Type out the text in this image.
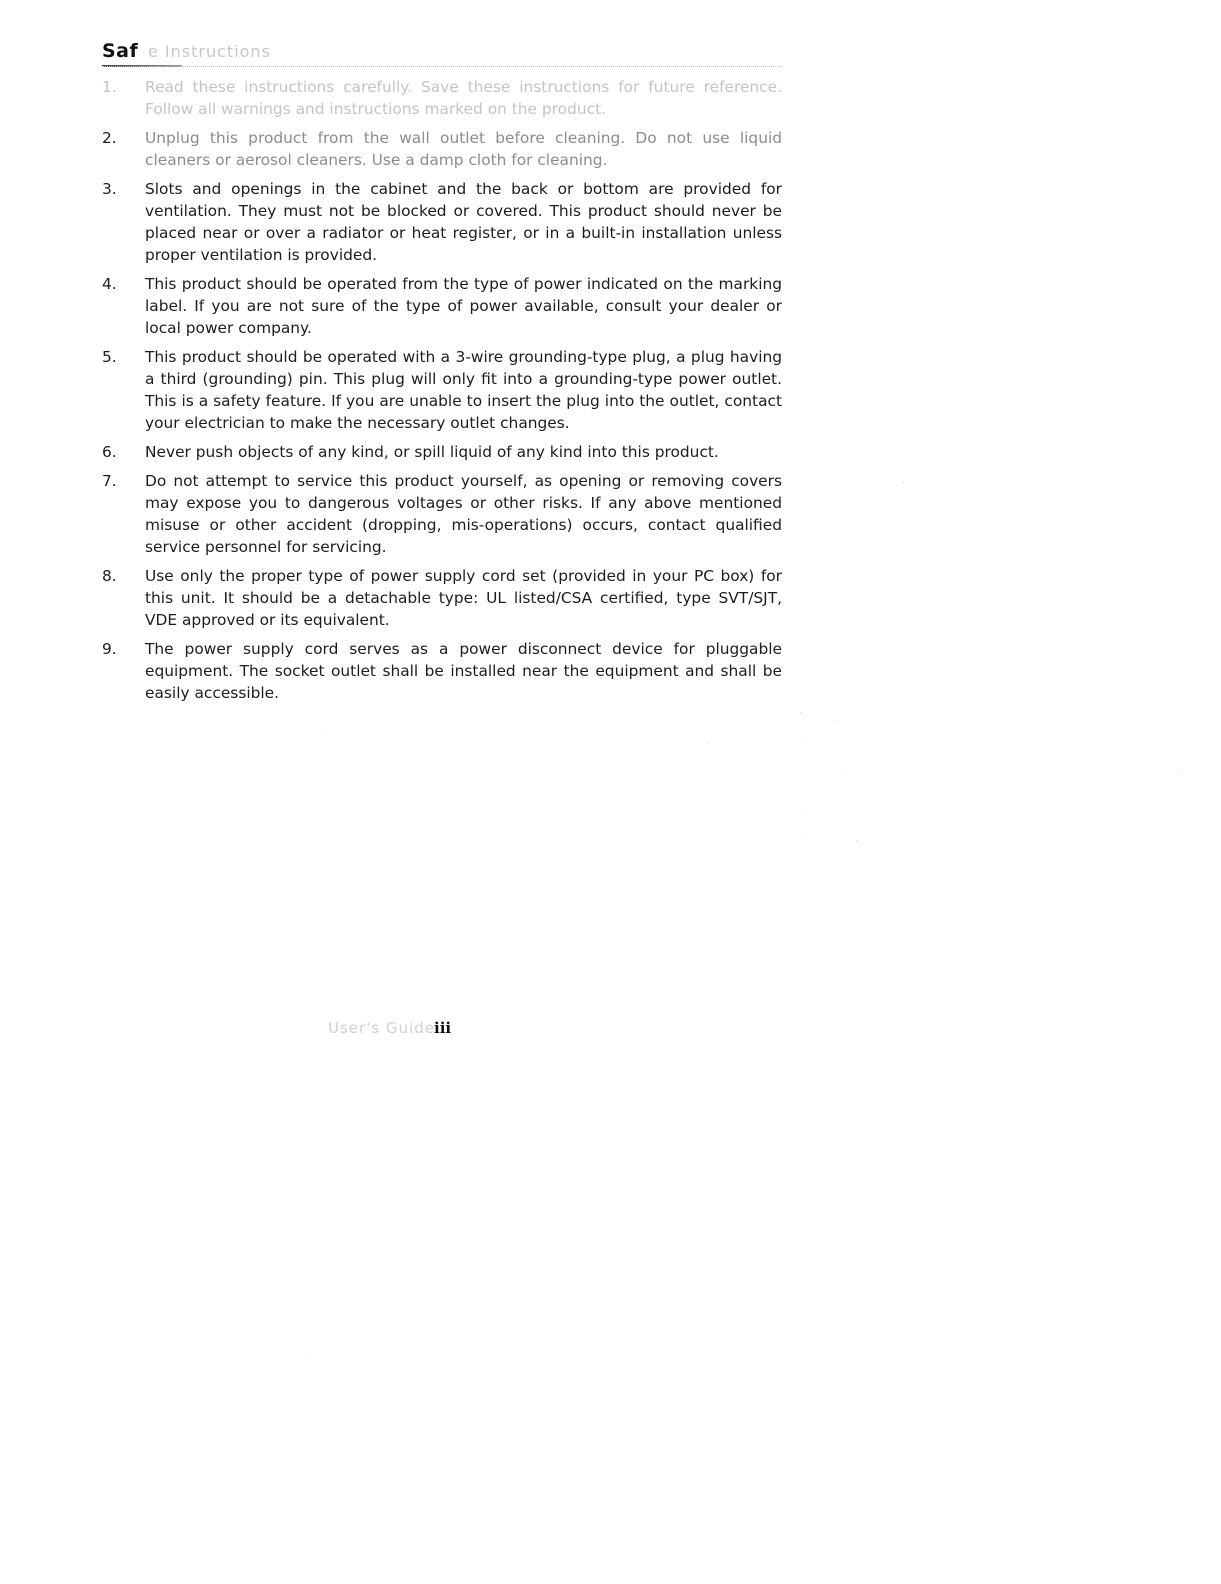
Saf e Instructions
1.	Read these instructions carefully. Save these instructions for future reference. Follow all warnings and instructions marked on the product.
2.	Unplug this product from the wall outlet before cleaning. Do not use liquid cleaners or aerosol cleaners. Use a damp cloth for cleaning.
3.	Slots and openings in the cabinet and the back or bottom are provided for ventilation. They must not be blocked or covered. This product should never be placed near or over a radiator or heat register, or in a built-in installation unless proper ventilation is provided.
4.	This product should be operated from the type of power indicated on the marking label. If you are not sure of the type of power available, consult your dealer or local power company.
5.	This product should be operated with a 3-wire grounding-type plug, a plug having a third (grounding) pin. This plug will only fit into a grounding-type power outlet. This is a safety feature. If you are unable to insert the plug into the outlet, contact your electrician to make the necessary outlet changes.
6.	Never push objects of any kind, or spill liquid of any kind into this product.
7.	Do not attempt to service this product yourself, as opening or removing covers may expose you to dangerous voltages or other risks. If any above mentioned misuse or other accident (dropping, mis-operations) occurs, contact qualified service personnel for servicing.
8.	Use only the proper type of power supply cord set (provided in your PC box) for this unit. It should be a detachable type: UL listed/CSA certified, type SVT/SJT, VDE approved or its equivalent.
9.	The power supply cord serves as a power disconnect device for pluggable equipment. The socket outlet shall be installed near the equipment and shall be easily accessible.
User's Guide iii
